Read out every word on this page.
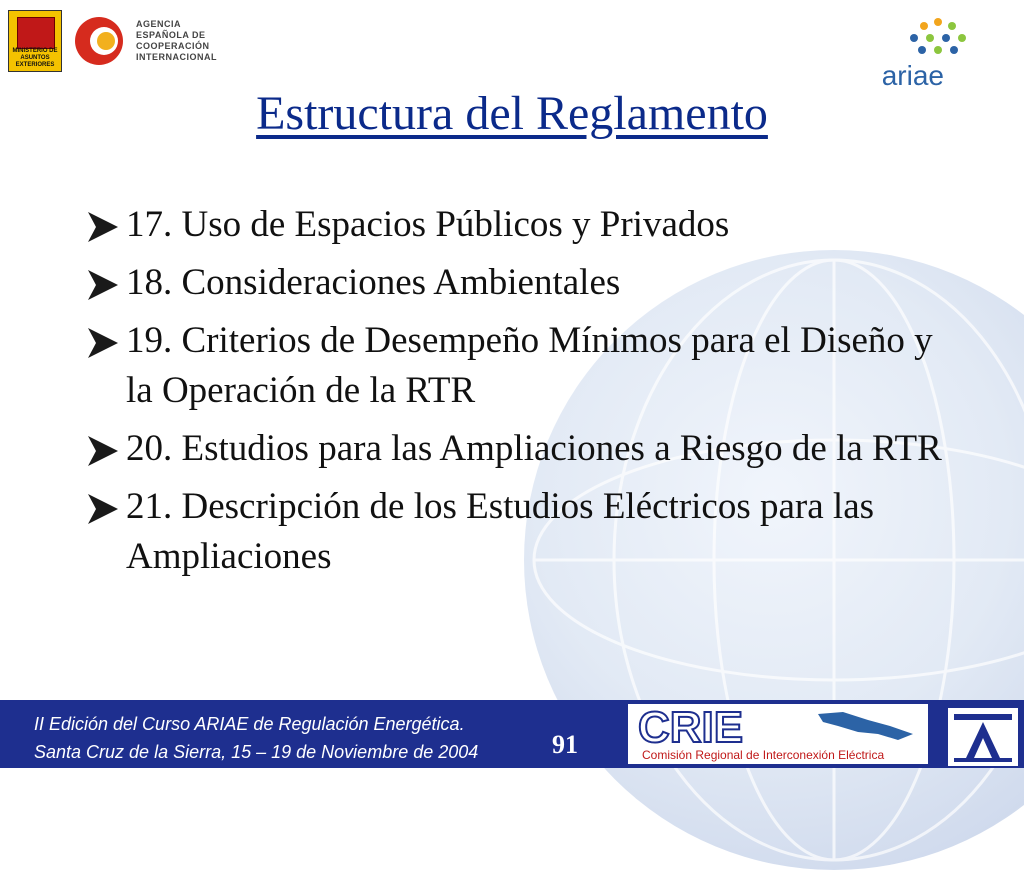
MINISTERIO DE ASUNTOS EXTERIORES
AGENCIA
ESPAÑOLA DE
COOPERACIÓN
INTERNACIONAL
ariae
Estructura del Reglamento
17. Uso de Espacios Públicos y Privados
18. Consideraciones Ambientales
19. Criterios de Desempeño Mínimos para el Diseño y la Operación de la RTR
20. Estudios para las Ampliaciones a Riesgo de la RTR
21. Descripción de los Estudios Eléctricos para las Ampliaciones
II Edición del Curso ARIAE de Regulación Energética.
Santa Cruz de la Sierra, 15 – 19 de Noviembre de 2004	91 CRIE
Comisión Regional de Interconexión Eléctrica
